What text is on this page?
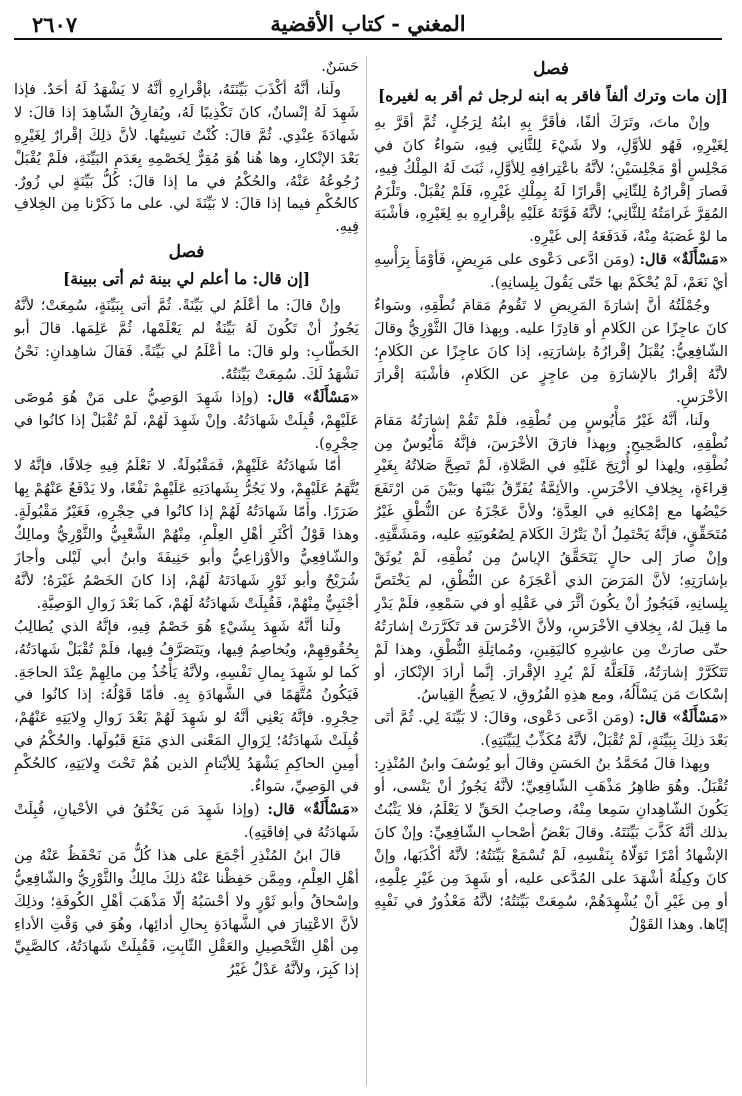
٢٦٠٧	المغني - كتاب الأقضية
فصل
[إن مات وترك ألفاً فاقر به ابنه لرجل ثم أقر به لغيره]

وإنْ ماتَ، وتَرَكَ ألفًا، فأقَرَّ بِهِ ابنُهُ لِرَجُلٍ، ثُمَّ أقَرَّ بهِ لِغَيْرِهِ، فَهُو للأوَّلِ، ولا شَيْءَ لِلثَّانِي فِيهِ، سَواءٌ كانَ في مَجْلِسٍ أوْ مَجْلِسَيْنِ؛ لأنَّهُ باعْتِرافِهِ لِلأوَّلِ، ثَبَتَ لَهُ المِلْكُ فِيهِ، فَصارَ إقْرارُهُ لِلثّانِي إقْرارًا لَهُ بِمِلْكِ غَيْرِهِ، فَلَمْ يُقْبَلْ. وتَلْزَمُ المُقِرَّ غَرامَتُهُ لِلثَّانِي؛ لأنَّهُ فَوَّتَهُ عَلَيْهِ بإقْرارِهِ بهِ لِغَيْرِهِ، فأشْبَهَ ما لوْ غَصَبَهُ مِنْهُ، فَدَفَعَهُ إلى غَيْرِهِ.

«مَسْأَلَةٌ» قال: (ومَن ادَّعى دَعْوى على مَرِيضٍ، فَأوْمَأَ بِرَأْسِهِ أيْ نَعَمْ، لَمْ يُحْكَمْ بها حَتّى يَقُولَ بِلِسانِهِ).

وجُمْلَتُهُ أنَّ إشارَةَ المَرِيضِ لا تَقُومُ مَقامَ نُطْقِهِ، وسَواءٌ كانَ عاجِزًا عن الكَلامِ أو قادِرًا عليه. وبِهذا قالَ الثَّوْرِيُّ وقالَ الشّافِعِيُّ: يُقْبَلُ إقْرارُهُ بإشارَتِهِ، إذا كانَ عاجِزًا عن الكَلامِ؛ لأنَّهُ إقْرارٌ بالإشارَةِ مِن عاجِزٍ عن الكَلامِ، فأشْبَهَ إقْرارَ الأخْرَسِ.

ولَنا، أنَّهُ غَيْرُ مَأْيُوسٍ مِن نُطْقِهِ، فلَمْ تَقُمْ إشارَتُهُ مَقامَ نُطْقِهِ، كالصَّحِيحِ. وبِهذا فارَقَ الأخْرَسَ، فإنَّهُ مَأْيُوسٌ مِن نُطْقِهِ، ولِهذا لو أُرْتِجَ عَلَيْهِ في الصَّلاةِ، لَمْ تَصِحَّ صَلاتُهُ بِغَيْرِ قِراءَةٍ، بِخِلافِ الأخْرَسِ. والأئِمَّةُ يُفَرِّقُ بَيْنَها وبَيْنَ مَن ارْتَفَعَ حَيْضُها مع إمْكانِهِ في العِدَّةِ؛ ولأنَّ عَجْزَهُ عن النُّطْقِ غَيْرُ مُتَحَقِّقٍ، فإنَّهُ يَحْتَمِلُ أنْ يَتْرُكَ الكَلامَ لِصُعُوبَتِهِ عليه، ومَشَقَّتِهِ. وإنْ صارَ إلى حالٍ يَتَحَقَّقُ الإياسُ مِن نُطْقِهِ، لَمْ يُوثَقْ بإشارَتِهِ؛ لأنَّ المَرَضَ الذي أعْجَزَهُ عن النُّطْقِ، لم يَخْتَصَّ بِلِسانِهِ، فَيَجُوزُ أنْ يكُونَ أثَّرَ في عَقْلِهِ أو في سَمْعِهِ، فلَمْ يَدْرِ ما قِيلَ لهُ، بِخِلافِ الأخْرَسِ، ولأنَّ الأخْرَسَ قد تَكَرَّرَتْ إشارَتُهُ حتّى صارَتْ مِن عاشِرِهِ كاليَقِينِ، ومُماثِلَةِ النُّطْقِ، وهذا لَمْ تَتَكَرَّرْ إشارَتُهُ، فَلَعَلَّهُ لَمْ يُرِدِ الإقْرارَ. إنَّما أرادَ الإنْكارَ، أو إسْكاتَ مَن يَسْأَلُهُ، ومع هذِهِ الفُرُوقِ، لا يَصِحُّ القِياسُ.

«مَسْأَلَةٌ» قال: (ومَن ادَّعى دَعْوى، وقالَ: لا بَيِّنَةَ لِي. ثُمَّ أتَى بَعْدَ ذلِكَ بِبَيِّنَةٍ، لَمْ تُقْبَلْ، لأنَّهُ مُكَذِّبٌ لِبَيِّنَتِهِ).

وبِهذا قالَ مُحَمَّدُ بنُ الحَسَنِ وقالَ أبو يُوسُفَ وابنُ المُنْذِرِ: تُقْبَلُ. وهُوَ ظاهِرُ مَذْهَبِ الشّافِعِيِّ؛ لأنَّهُ يَجُوزُ أنْ يَنْسى، أو يَكُونَ الشّاهِدانِ سَمِعا مِنْهُ، وصاحِبُ الحَقِّ لا يَعْلَمُ، فلا يَثْبُتُ بذلك أنَّهُ كَذَّبَ بَيِّنَتَهُ. وقالَ بَعْضُ أصْحابِ الشّافِعِيِّ: وإنْ كانَ الإشْهادُ أمْرًا تَوَلّاهُ بِنَفْسِهِ، لَمْ تُسْمَعْ بَيِّنَتُهُ؛ لأنَّهُ أكْذَبَها، وإنْ كانَ وكِيلُهُ أشْهَدَ على المُدَّعى عليه، أو شَهِدَ مِن غَيْرِ عِلْمِهِ، أو مِن غَيْرِ أنْ يُشْهِدَهُمْ، سُمِعَتْ بَيِّنَتُهُ؛ لأنَّهُ مَعْذُورٌ في نَفْيِهِ إيّاها. وهذا القَوْلُ

حَسَنٌ.

ولَنا، أنَّهُ أكْذَبَ بَيِّنَتَهُ، بإقْرارِهِ أنَّهُ لا يَشْهَدُ لَهُ أحَدٌ. فإذا شَهِدَ لَهُ إنْسانٌ، كانَ تَكْذِيبًا لَهُ، ويُفارِقُ الشّاهِدَ إذا قالَ: لا شَهادَةَ عِنْدِي. ثُمَّ قالَ: كُنْتُ نَسِيتُها. لأنَّ ذلِكَ إقْرارٌ لِغَيْرِهِ بَعْدَ الإنْكارِ، وها هُنا هُوَ مُقِرٌّ لِخَصْمِهِ بِعَدَمِ البَيِّنَةِ، فلَمْ يُقْبَلْ رُجُوعُهُ عَنْهُ، والحُكْمُ في ما إذا قالَ: كُلُّ بَيِّنَةٍ لي زُورٌ. كالحُكْمِ فيما إذا قالَ: لا بَيِّنَةَ لي. على ما ذَكَرْنا مِن الخِلافِ فِيهِ.

فصل
[إن قال: ما أعلم لي بينة ثم أتى ببينة]

وإنْ قالَ: ما أعْلَمُ لي بَيِّنَةً. ثُمَّ أتى بِبَيِّنَةٍ، سُمِعَتْ؛ لأنَّهُ يَجُوزُ أنْ تَكُونَ لَهُ بَيِّنَةٌ لم يَعْلَمْها، ثُمَّ عَلِمَها. قالَ أبو الخَطّابِ: ولو قالَ: ما أعْلَمُ لي بَيِّنَةً. فَقالَ شاهِدانِ: نَحْنُ نَشْهَدُ لَكَ. سُمِعَتْ بَيِّنَتُهُ.

«مَسْأَلَةٌ» قال: (وإذا شَهِدَ الوَصِيُّ على مَنْ هُوَ مُوصًى عَلَيْهِمْ، قُبِلَتْ شَهادَتُهُ. وإنْ شَهِدَ لَهُمْ، لَمْ تُقْبَلْ إذا كانُوا في حِجْرِهِ).

أمّا شَهادَتُهُ عَلَيْهِمْ، فَمَقْبُولَةٌ. لا نَعْلَمُ فِيهِ خِلافًا، فإنَّهُ لا يُتَّهَمُ عَلَيْهِمْ، ولا يَجُرُّ بِشَهادَتِهِ عَلَيْهِمْ نَفْعًا، ولا يَدْفَعُ عَنْهُمْ بِها ضَرَرًا. وأمّا شَهادَتُهُ لَهُمْ إذا كانُوا في حِجْرِهِ، فَغَيْرُ مَقْبُولَةٍ. وهذا قَوْلُ أكْثَرِ أهْلِ العِلْمِ، مِنْهُمْ الشَّعْبِيُّ والثَّوْرِيُّ ومالِكٌ والشّافِعِيُّ والأوْزاعِيُّ وأبو حَنِيفَةَ وابنُ أبي لَيْلى وأجازَ شُرَيْحٌ وأبو ثَوْرٍ شَهادَتَهُ لَهُمْ، إذا كانَ الخَصْمُ غَيْرَهُ؛ لأنَّهُ أجْنَبِيٌّ مِنْهُمْ، فَقُبِلَتْ شَهادَتُهُ لَهُمْ، كَما بَعْدَ زَوالِ الوَصِيَّةِ.

ولَنا أنَّهُ شَهِدَ بِشَيْءٍ هُوَ خَصْمٌ فِيهِ، فإنَّهُ الذي يُطالِبُ بِحُقُوقِهِمْ، ويُخاصِمُ فِيها، ويَتَصَرَّفُ فِيها، فلَمْ تُقْبَلْ شَهادَتُهُ، كَما لو شَهِدَ بِمالِ نَفْسِهِ، ولأنَّهُ يَأْخُذُ مِن مالِهِمْ عِنْدَ الحاجَةِ. فَيَكُونُ مُتَّهَمًا في الشَّهادَةِ بِهِ. فأمّا قَوْلُهُ: إذا كانُوا في حِجْرِهِ. فإنَّهُ يَعْنِي أنَّهُ لو شَهِدَ لَهُمْ بَعْدَ زَوالِ وِلايَتِهِ عَنْهُمْ، قُبِلَتْ شَهادَتُهُ؛ لِزَوالِ المَعْنى الذي مَنَعَ قَبُولَها. والحُكْمُ في أمِينِ الحاكِمِ يَشْهَدُ لِلأيْتامِ الذين هُمْ تَحْتَ وِلايَتِهِ، كالحُكْمِ في الوَصِيِّ، سَواءٌ.

«مَسْأَلَةٌ» قال: (وإذا شَهِدَ مَن يَخْنُقُ في الأحْيانِ، قُبِلَتْ شَهادَتُهُ في إفاقَتِهِ).

قالَ ابنُ المُنْذِرِ أجْمَعَ على هذا كُلُّ مَن نَحْفَظُ عَنْهُ مِن أهْلِ العِلْمِ، ومِمَّن حَفِظْنا عَنْهُ ذلِكَ مالِكٌ والثَّوْرِيُّ والشّافِعِيُّ وإسْحاقُ وأبو ثَوْرٍ ولا أحْسَبُهُ إلّا مَذْهَبَ أهْلِ الكُوفَةِ؛ وذلِكَ لأنَّ الاعْتِبارَ في الشَّهادَةِ بِحالِ أدائِها، وهُوَ في وَقْتِ الأداءِ مِن أهْلِ التَّحْصِيلِ والعَقْلِ الثّابِتِ، فَقُبِلَتْ شَهادَتُهُ، كالصَّبِيِّ إذا كَبِرَ، ولأنَّهُ عَدْلٌ غَيْرُ
